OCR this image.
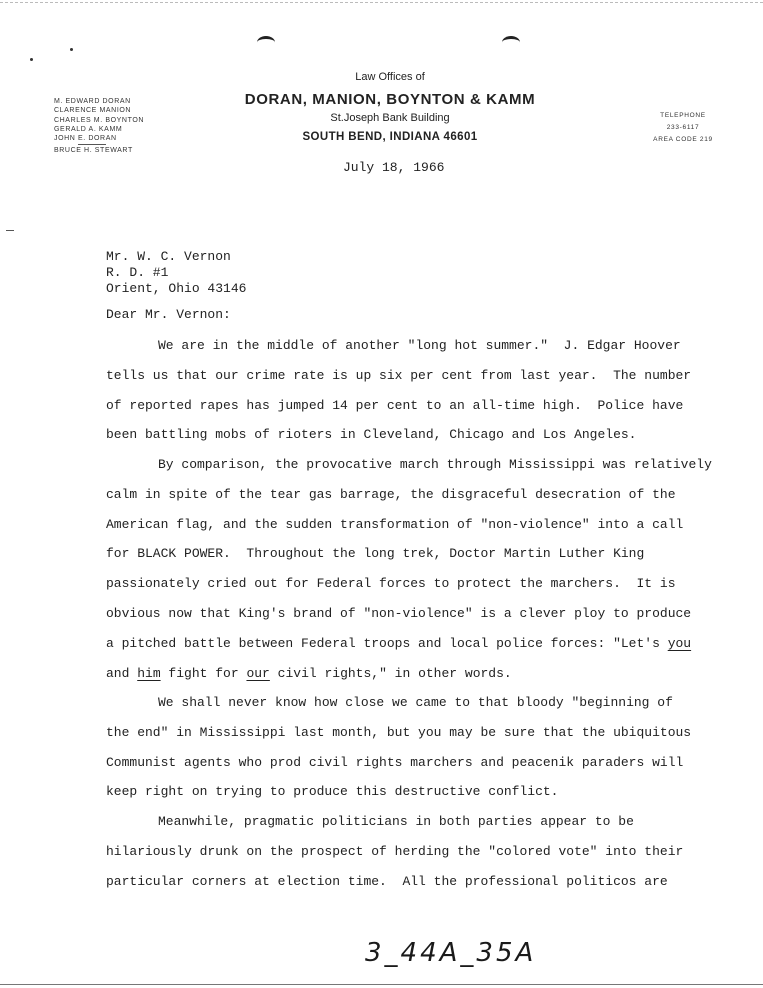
M. EDWARD DORAN
CLARENCE MANION
CHARLES M. BOYNTON
GERALD A. KAMM
JOHN E. DORAN
BRUCE H. STEWART
Law Offices of
DORAN, MANION, BOYNTON & KAMM
St.Joseph Bank Building
SOUTH BEND, INDIANA 46601
TELEPHONE
233-6117
AREA CODE 219
July 18, 1966
Mr. W. C. Vernon
R. D. #1
Orient, Ohio 43146
Dear Mr. Vernon:
We are in the middle of another "long hot summer."  J. Edgar Hoover
tells us that our crime rate is up six per cent from last year.  The number
of reported rapes has jumped 14 per cent to an all-time high.  Police have
been battling mobs of rioters in Cleveland, Chicago and Los Angeles.
By comparison, the provocative march through Mississippi was relatively
calm in spite of the tear gas barrage, the disgraceful desecration of the
American flag, and the sudden transformation of "non-violence" into a call
for BLACK POWER.  Throughout the long trek, Doctor Martin Luther King
passionately cried out for Federal forces to protect the marchers.  It is
obvious now that King's brand of "non-violence" is a clever ploy to produce
a pitched battle between Federal troops and local police forces: "Let's you
and him fight for our civil rights," in other words.
We shall never know how close we came to that bloody "beginning of
the end" in Mississippi last month, but you may be sure that the ubiquitous
Communist agents who prod civil rights marchers and peacenik paraders will
keep right on trying to produce this destructive conflict.
Meanwhile, pragmatic politicians in both parties appear to be
hilariously drunk on the prospect of herding the "colored vote" into their
particular corners at election time.  All the professional politicos are
3_44A_35A
